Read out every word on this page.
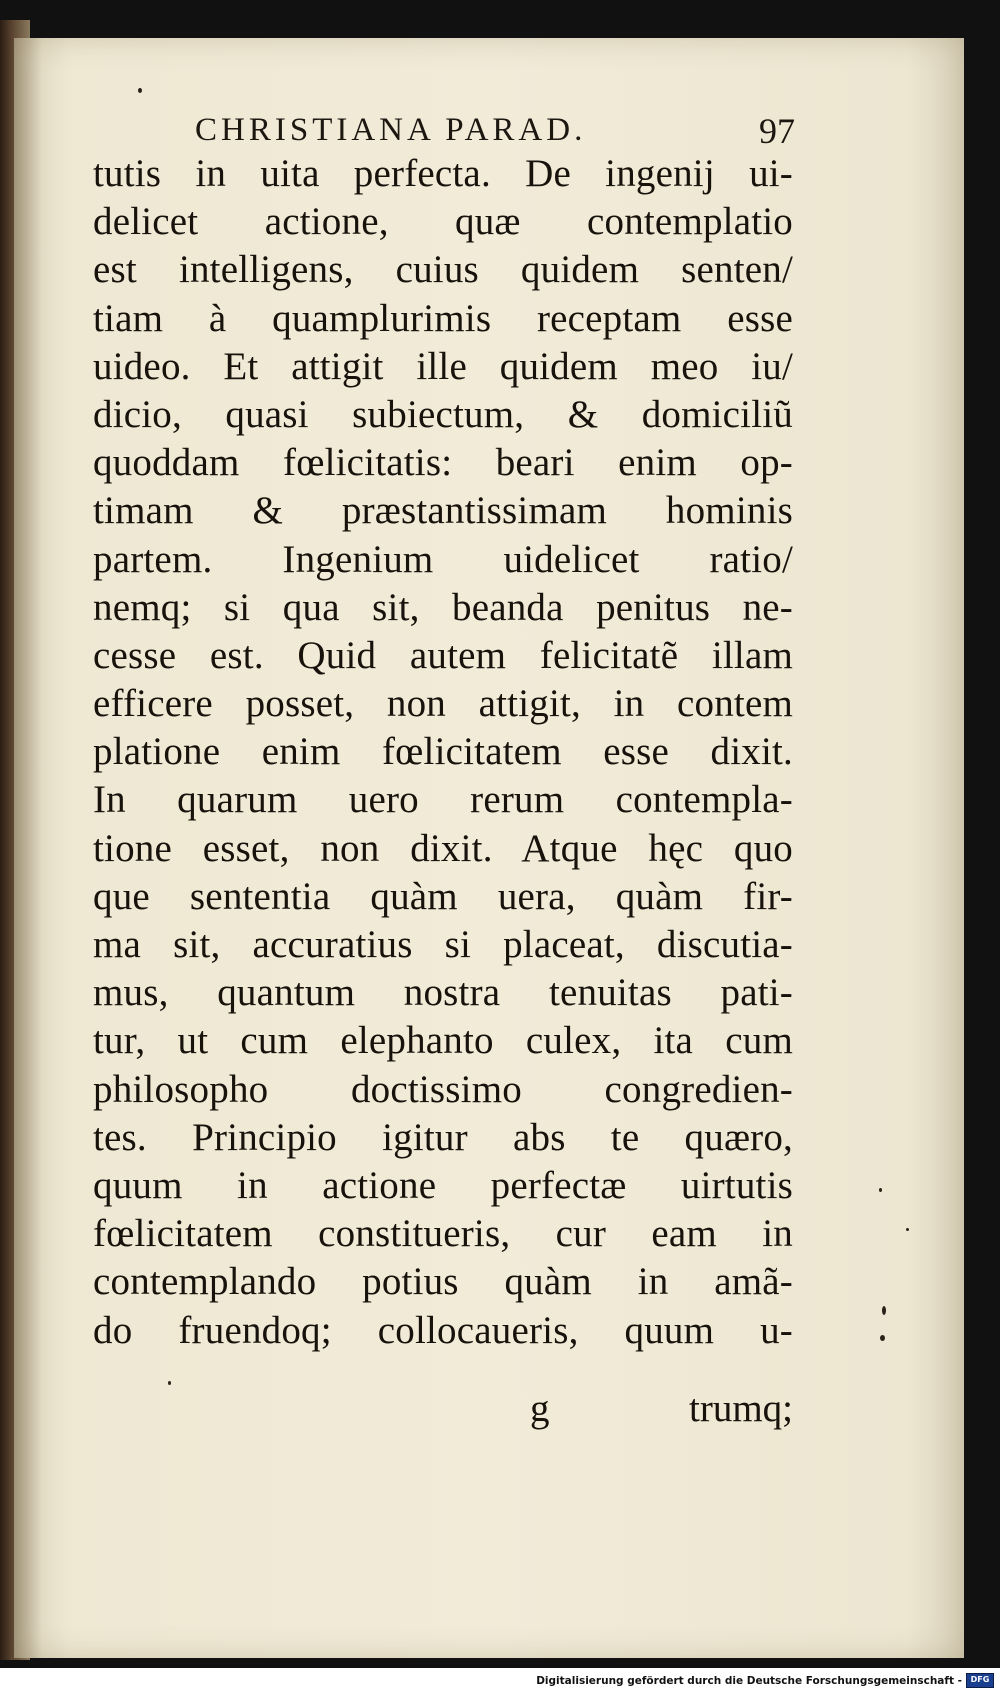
CHRISTIANA PARAD.	97
tutis in uita perfecta. De ingenij ui-
delicet actione, quæ contemplatio
est intelligens, cuius quidem senten/
tiam à quamplurimis receptam esse
uideo. Et attigit ille quidem meo iu/
dicio, quasi subiectum, & domiciliũ
quoddam fœlicitatis: beari enim op-
timam & præstantissimam hominis
partem. Ingenium uidelicet ratio/
nemq; si qua sit, beanda penitus ne-
cesse est. Quid autem felicitatẽ illam
efficere posset, non attigit, in contem
platione enim fœlicitatem esse dixit.
In quarum uero rerum contempla-
tione esset, non dixit. Atque hęc quo
que sententia quàm uera, quàm fir-
ma sit, accuratius si placeat, discutia-
mus, quantum nostra tenuitas pati-
tur, ut cum elephanto culex, ita cum
philosopho doctissimo congredien-
tes. Principio igitur abs te quæro,
quum in actione perfectæ uirtutis
fœlicitatem constitueris, cur eam in
contemplando potius quàm in amã-
do fruendoq; collocaueris, quum u-
g	trumq;
Digitalisierung gefördert durch die Deutsche Forschungsgemeinschaft -	DFG
